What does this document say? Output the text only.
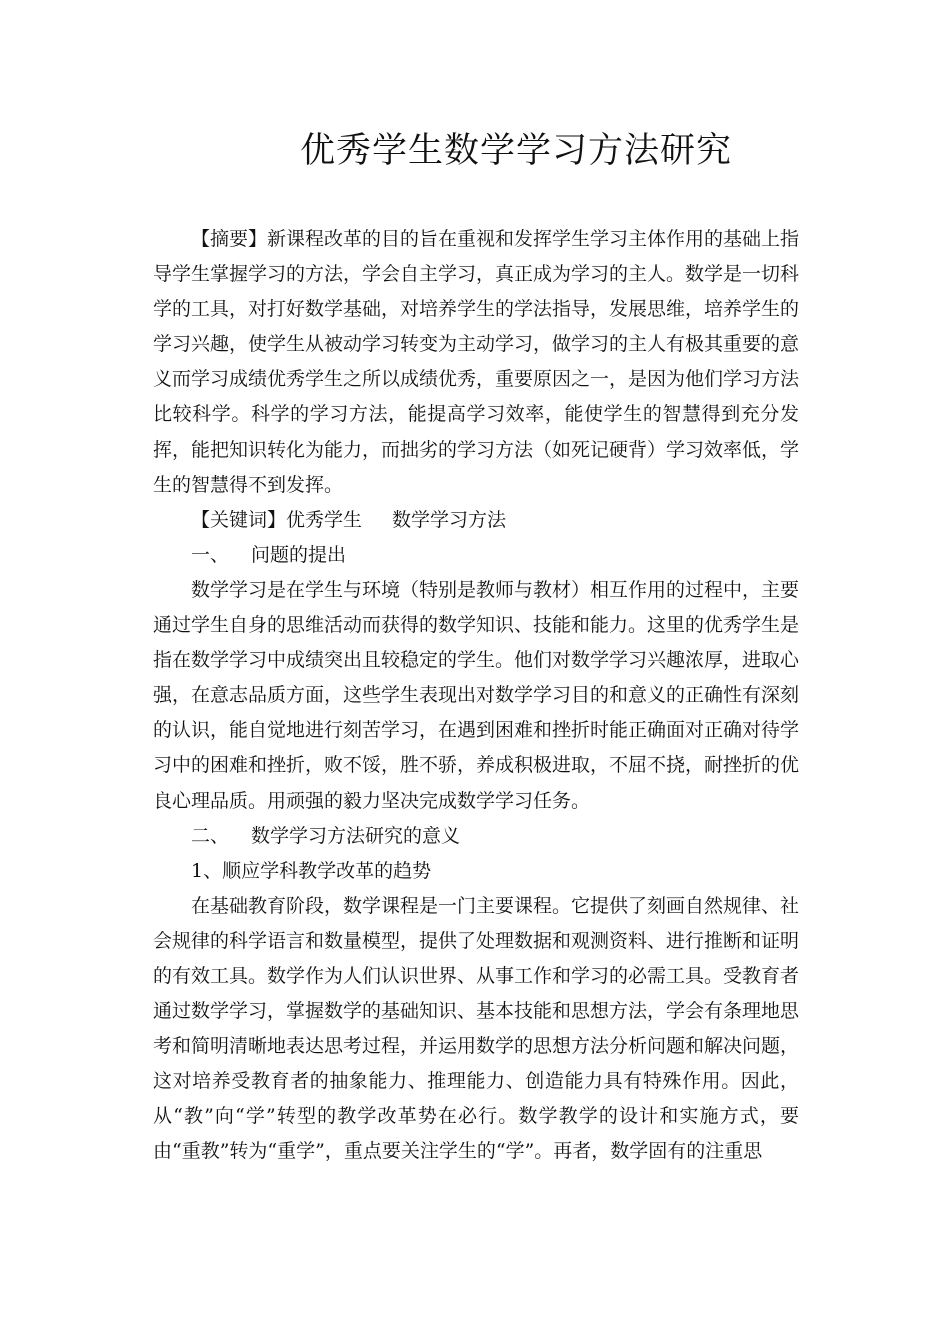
优秀学生数学学习方法研究

【摘要】新课程改革的目的旨在重视和发挥学生学习主体作用的基础上指导学生掌握学习的方法，学会自主学习，真正成为学习的主人。数学是一切科学的工具，对打好数学基础，对培养学生的学法指导，发展思维，培养学生的学习兴趣，使学生从被动学习转变为主动学习，做学习的主人有极其重要的意义而学习成绩优秀学生之所以成绩优秀，重要原因之一，是因为他们学习方法比较科学。科学的学习方法，能提高学习效率，能使学生的智慧得到充分发挥，能把知识转化为能力，而拙劣的学习方法（如死记硬背）学习效率低，学生的智慧得不到发挥。

【关键词】优秀学生 数学学习方法

一、 问题的提出

数学学习是在学生与环境（特别是教师与教材）相互作用的过程中，主要通过学生自身的思维活动而获得的数学知识、技能和能力。这里的优秀学生是指在数学学习中成绩突出且较稳定的学生。他们对数学学习兴趣浓厚，进取心强，在意志品质方面，这些学生表现出对数学学习目的和意义的正确性有深刻的认识，能自觉地进行刻苦学习，在遇到困难和挫折时能正确面对正确对待学习中的困难和挫折，败不馁，胜不骄，养成积极进取，不屈不挠，耐挫折的优良心理品质。用顽强的毅力坚决完成数学学习任务。

二、 数学学习方法研究的意义

1、顺应学科教学改革的趋势

在基础教育阶段，数学课程是一门主要课程。它提供了刻画自然规律、社会规律的科学语言和数量模型，提供了处理数据和观测资料、进行推断和证明的有效工具。数学作为人们认识世界、从事工作和学习的必需工具。受教育者通过数学学习，掌握数学的基础知识、基本技能和思想方法，学会有条理地思考和简明清晰地表达思考过程，并运用数学的思想方法分析问题和解决问题，这对培养受教育者的抽象能力、推理能力、创造能力具有特殊作用。因此，从“教”向“学”转型的教学改革势在必行。数学教学的设计和实施方式，要由“重教”转为“重学”，重点要关注学生的“学”。再者，数学固有的注重思
